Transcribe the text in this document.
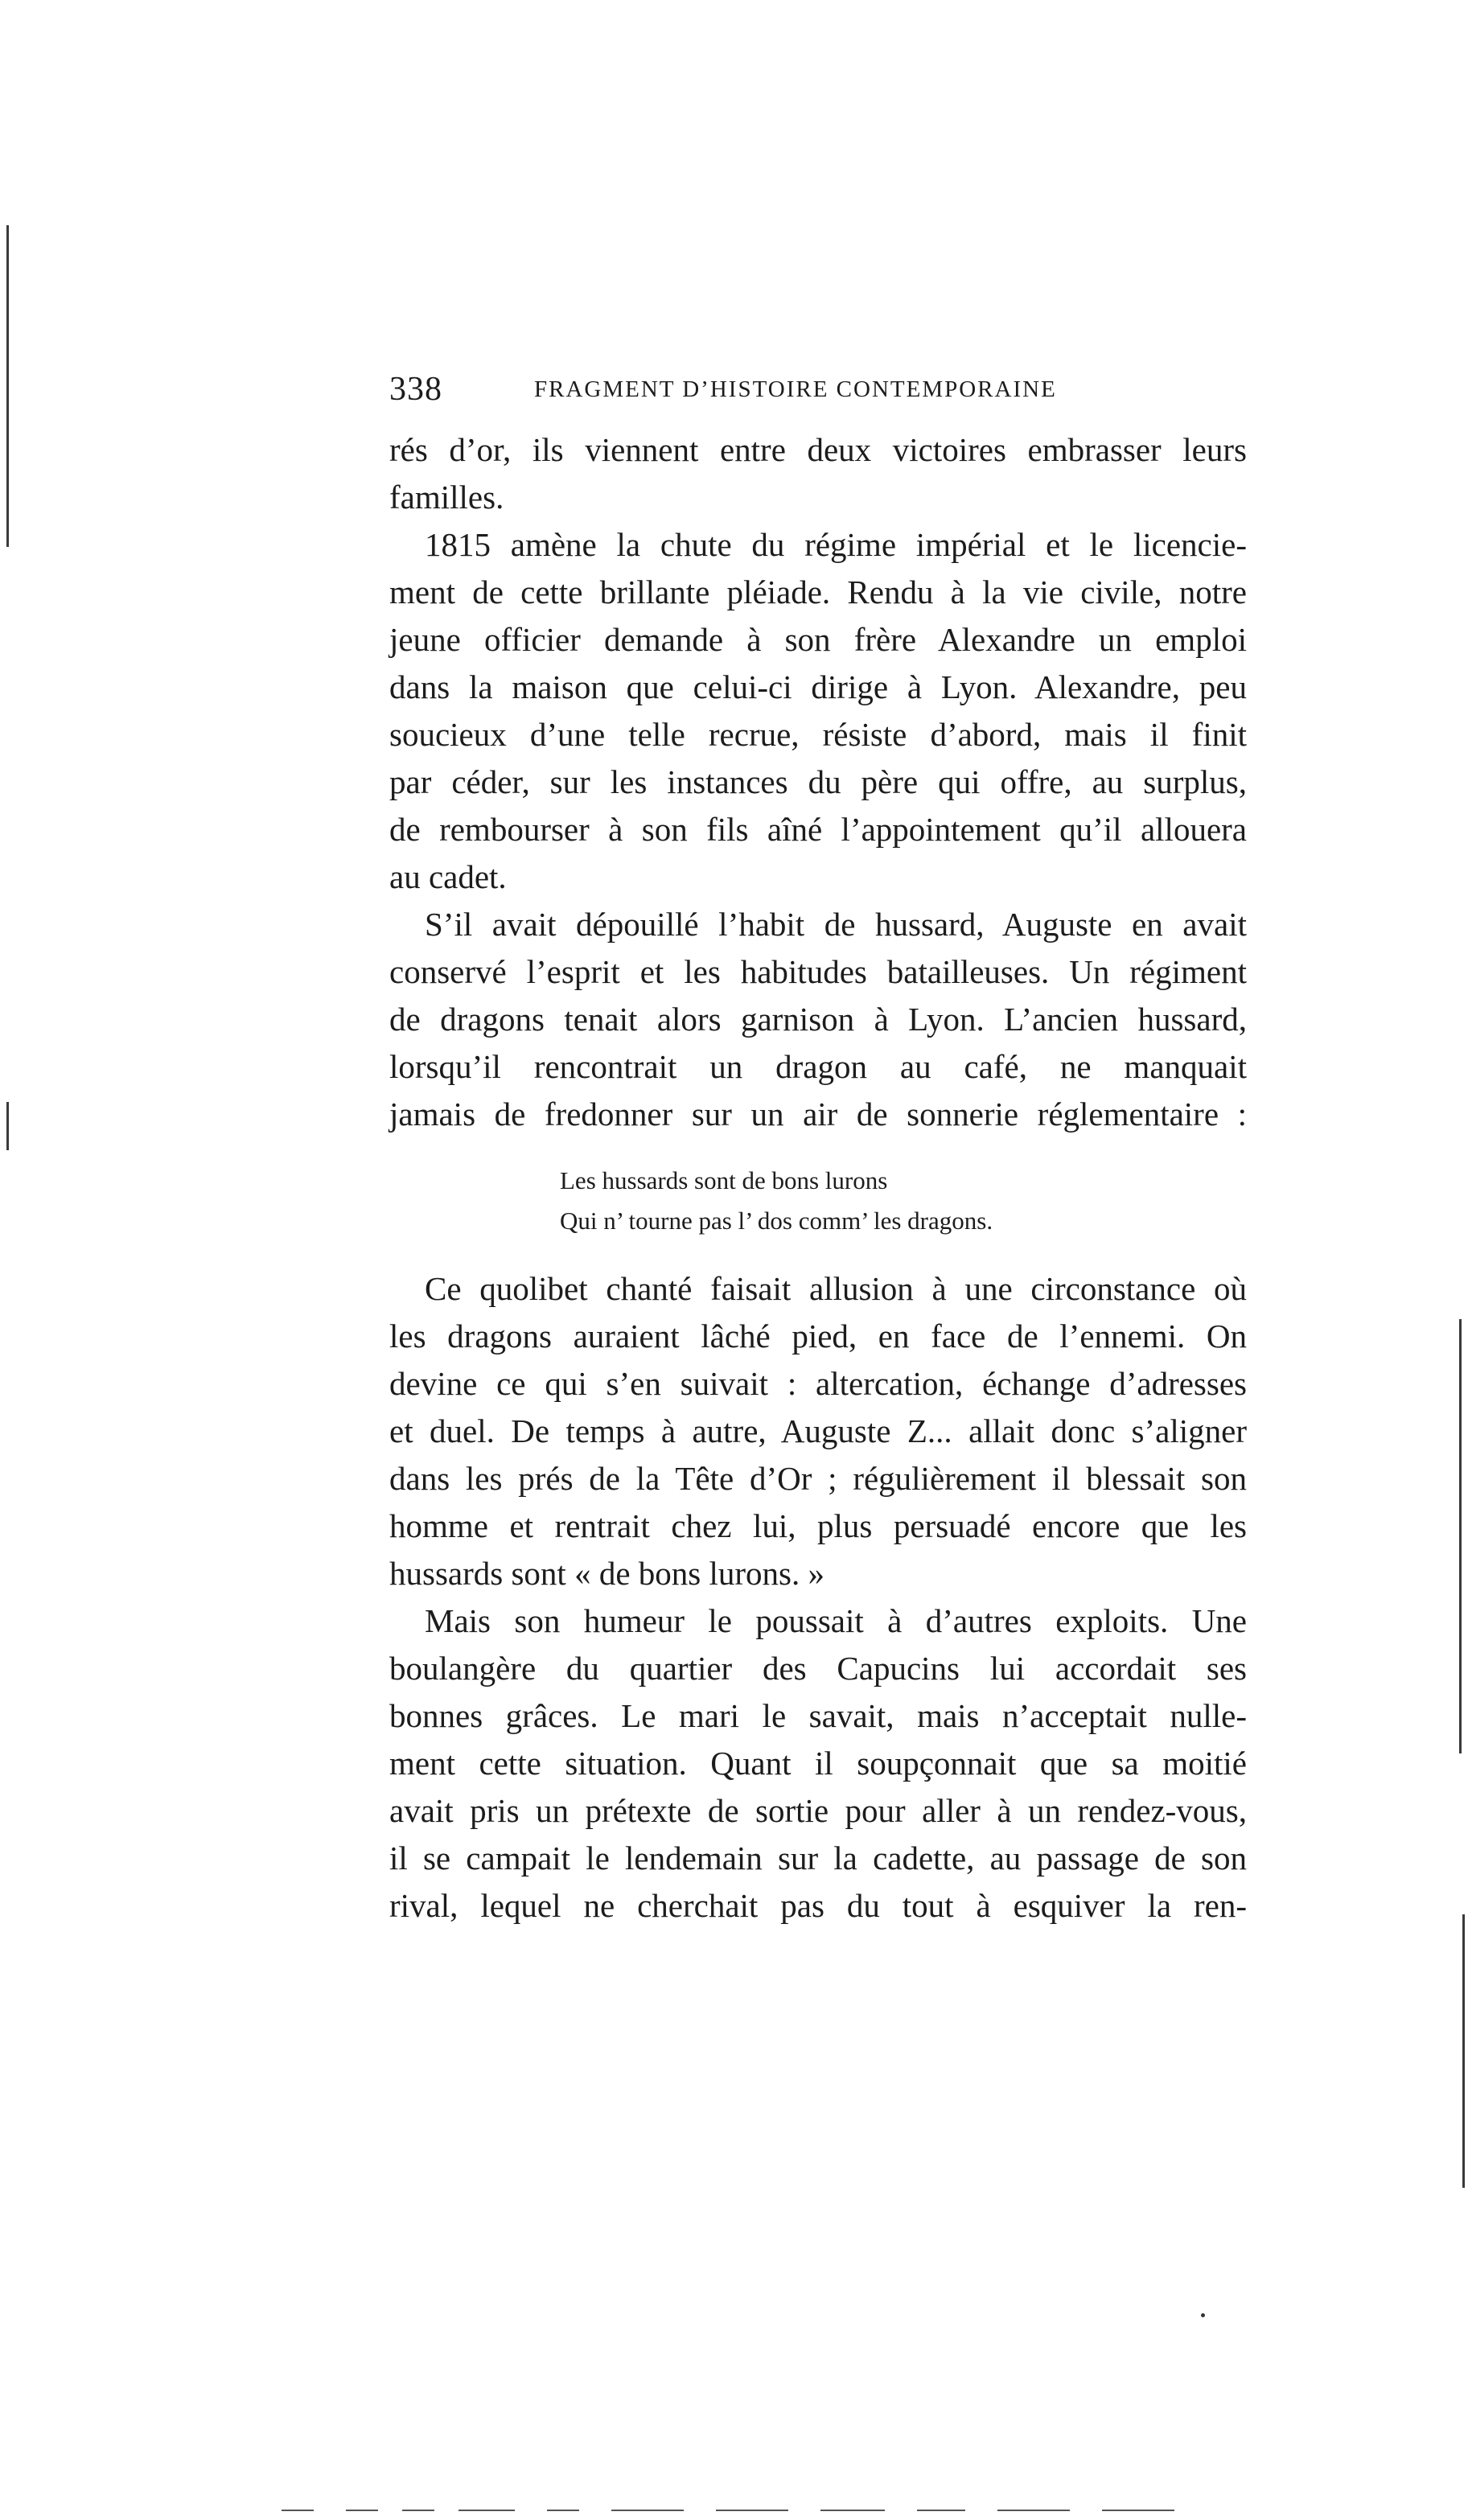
338	FRAGMENT D’HISTOIRE CONTEMPORAINE
rés d’or, ils viennent entre deux victoires embrasser leurs
familles.
1815 amène la chute du régime impérial et le licencie-
ment de cette brillante pléiade. Rendu à la vie civile, notre
jeune officier demande à son frère Alexandre un emploi
dans la maison que celui-ci dirige à Lyon. Alexandre, peu
soucieux d’une telle recrue, résiste d’abord, mais il finit
par céder, sur les instances du père qui offre, au surplus,
de rembourser à son fils aîné l’appointement qu’il allouera
au cadet.
S’il avait dépouillé l’habit de hussard, Auguste en avait
conservé l’esprit et les habitudes batailleuses. Un régiment
de dragons tenait alors garnison à Lyon. L’ancien hussard,
lorsqu’il rencontrait un dragon au café, ne manquait
jamais de fredonner sur un air de sonnerie réglementaire :
Les hussards sont de bons lurons
Qui n’ tourne pas l’ dos comm’ les dragons.
Ce quolibet chanté faisait allusion à une circonstance où
les dragons auraient lâché pied, en face de l’ennemi. On
devine ce qui s’en suivait : altercation, échange d’adresses
et duel. De temps à autre, Auguste Z... allait donc s’aligner
dans les prés de la Tête d’Or ; régulièrement il blessait son
homme et rentrait chez lui, plus persuadé encore que les
hussards sont « de bons lurons. »
Mais son humeur le poussait à d’autres exploits. Une
boulangère du quartier des Capucins lui accordait ses
bonnes grâces. Le mari le savait, mais n’acceptait nulle-
ment cette situation. Quant il soupçonnait que sa moitié
avait pris un prétexte de sortie pour aller à un rendez-vous,
il se campait le lendemain sur la cadette, au passage de son
rival, lequel ne cherchait pas du tout à esquiver la ren-
